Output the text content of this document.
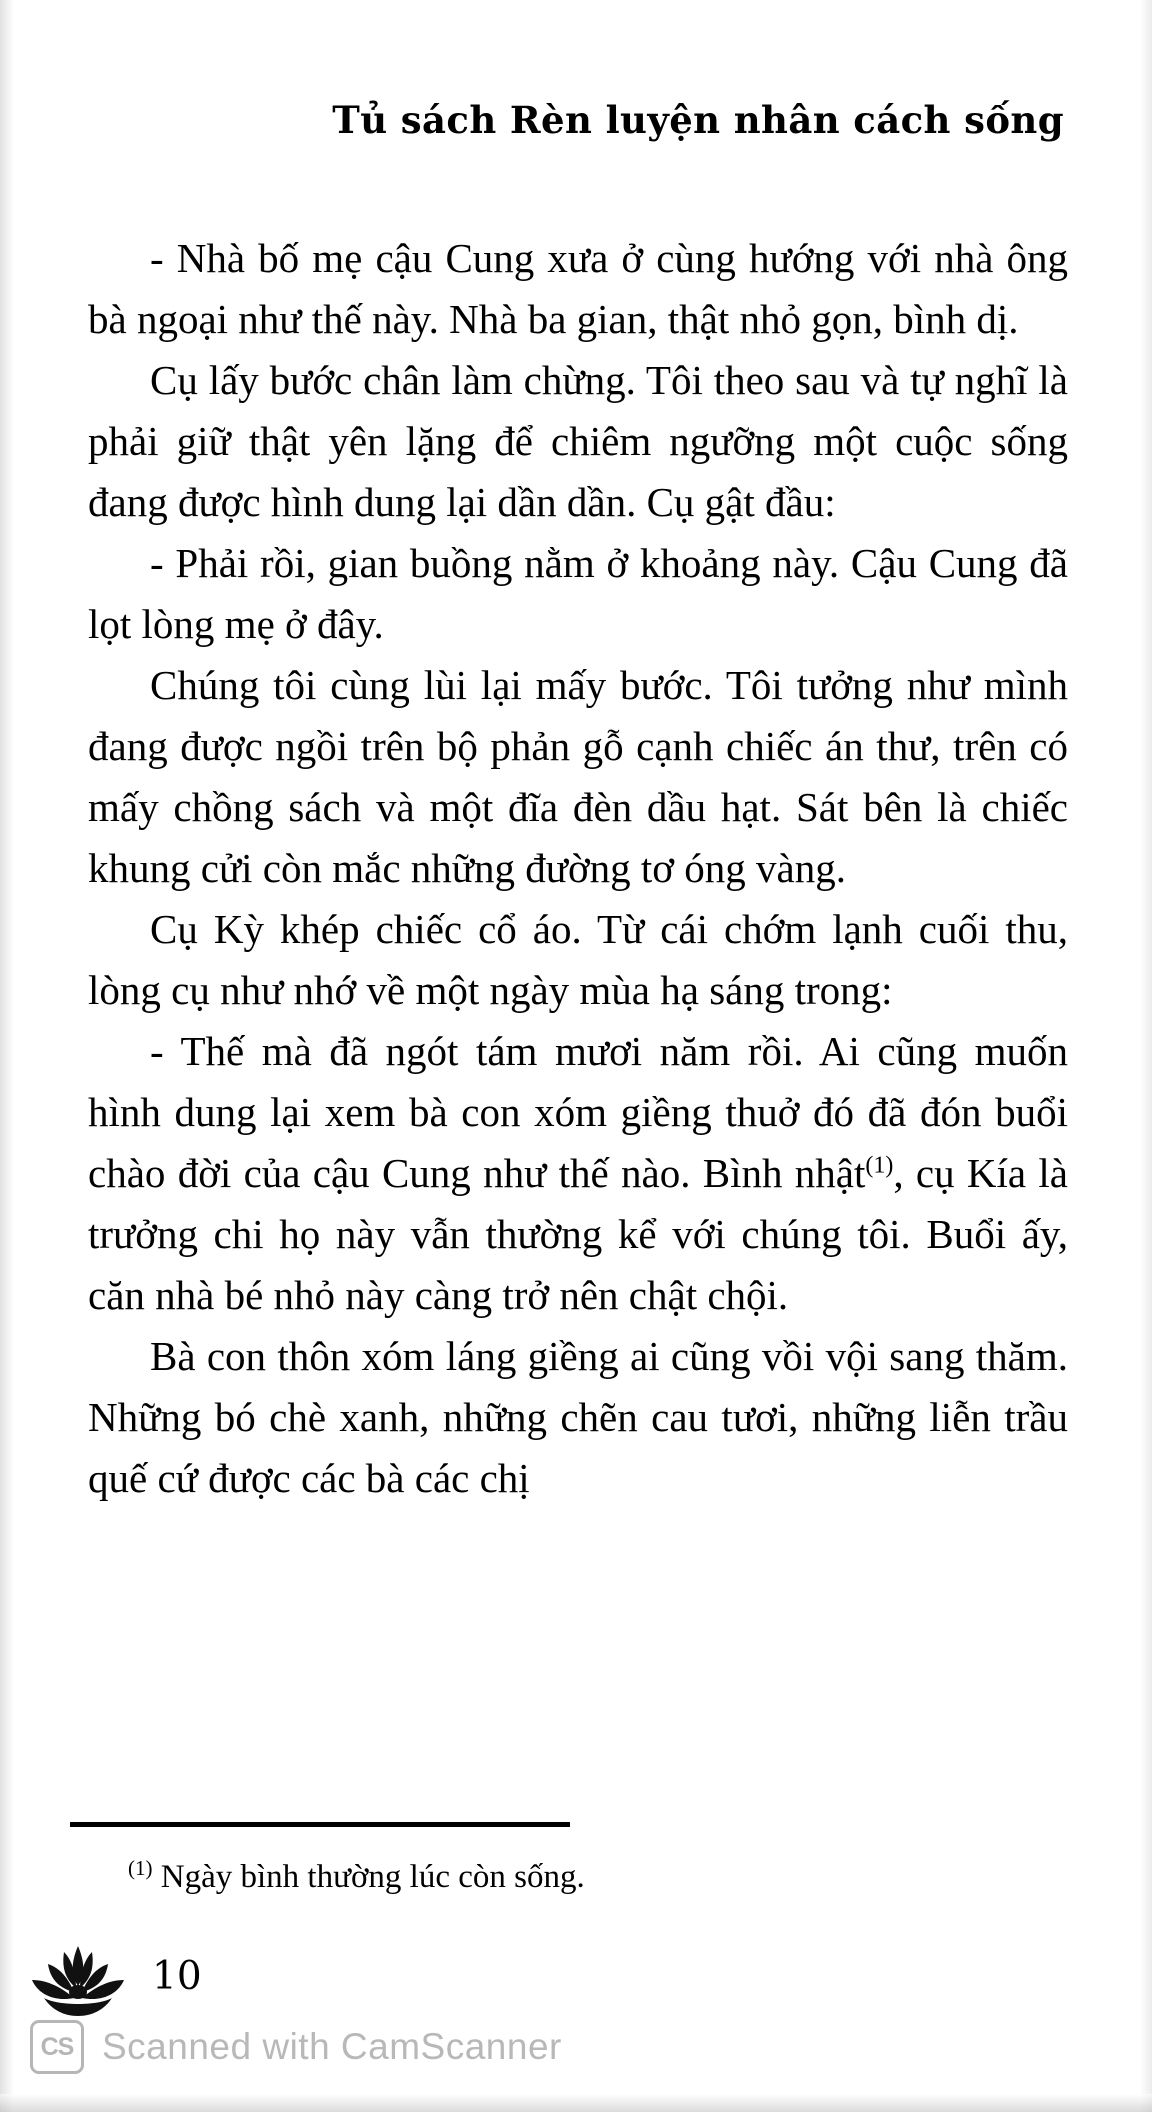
Tủ sách Rèn luyện nhân cách sống

- Nhà bố mẹ cậu Cung xưa ở cùng hướng với nhà ông bà ngoại như thế này. Nhà ba gian, thật nhỏ gọn, bình dị.

Cụ lấy bước chân làm chừng. Tôi theo sau và tự nghĩ là phải giữ thật yên lặng để chiêm ngưỡng một cuộc sống đang được hình dung lại dần dần. Cụ gật đầu:

- Phải rồi, gian buồng nằm ở khoảng này. Cậu Cung đã lọt lòng mẹ ở đây.

Chúng tôi cùng lùi lại mấy bước. Tôi tưởng như mình đang được ngồi trên bộ phản gỗ cạnh chiếc án thư, trên có mấy chồng sách và một đĩa đèn dầu hạt. Sát bên là chiếc khung cửi còn mắc những đường tơ óng vàng.

Cụ Kỳ khép chiếc cổ áo. Từ cái chớm lạnh cuối thu, lòng cụ như nhớ về một ngày mùa hạ sáng trong:

- Thế mà đã ngót tám mươi năm rồi. Ai cũng muốn hình dung lại xem bà con xóm giềng thuở đó đã đón buổi chào đời của cậu Cung như thế nào. Bình nhật$^{(1)}$, cụ Kía là trưởng chi họ này vẫn thường kể với chúng tôi. Buổi ấy, căn nhà bé nhỏ này càng trở nên chật chội.

Bà con thôn xóm láng giềng ai cũng vồi vội sang thăm. Những bó chè xanh, những chẽn cau tươi, những liễn trầu quế cứ được các bà các chị

$^{(1)}$ Ngày bình thường lúc còn sống.
10
CS Scanned with CamScanner
